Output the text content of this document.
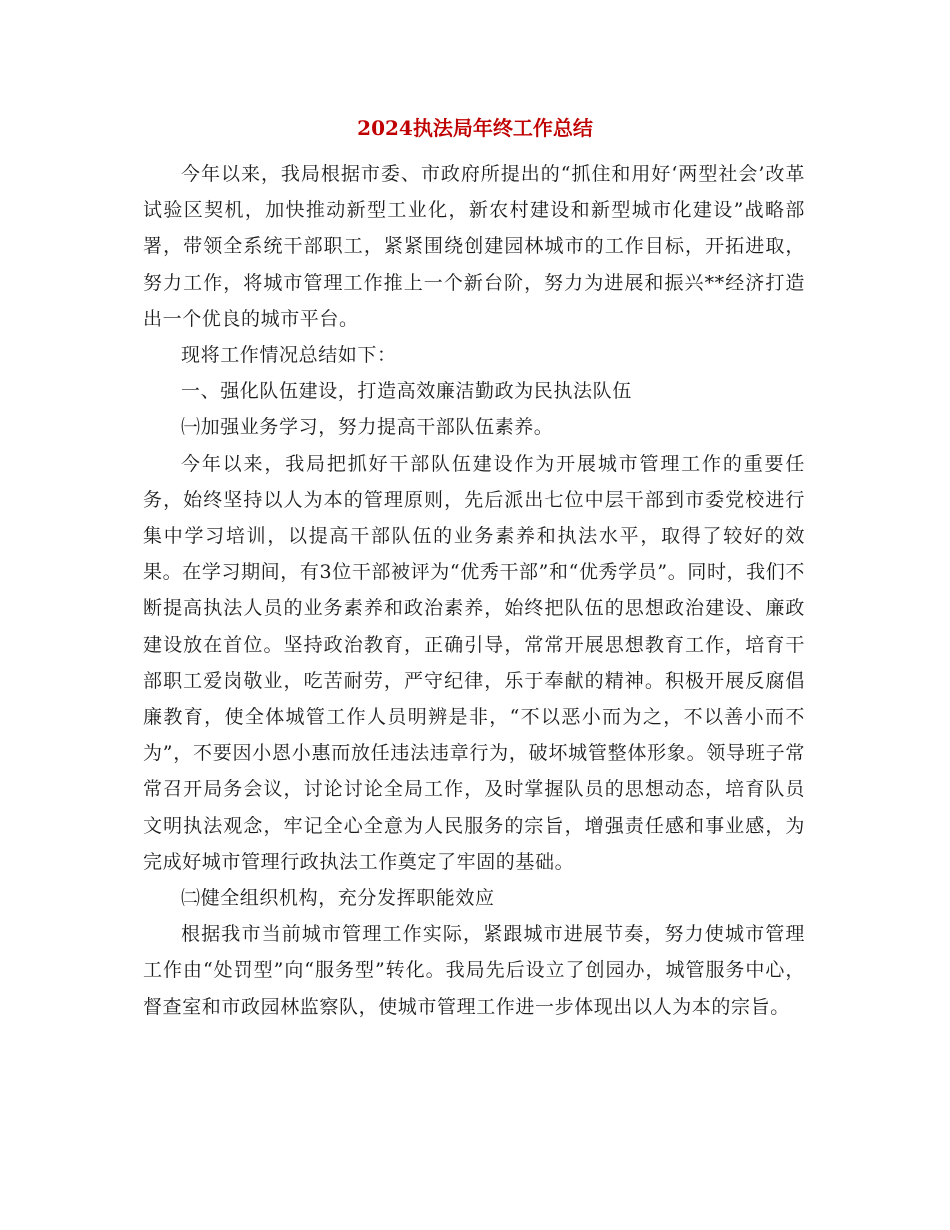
2024执法局年终工作总结

今年以来，我局根据市委、市政府所提出的“抓住和用好‘两型社会’改革试验区契机，加快推动新型工业化，新农村建设和新型城市化建设”战略部署，带领全系统干部职工，紧紧围绕创建园林城市的工作目标，开拓进取，努力工作，将城市管理工作推上一个新台阶，努力为进展和振兴**经济打造出一个优良的城市平台。

现将工作情况总结如下：

一、强化队伍建设，打造高效廉洁勤政为民执法队伍

㈠加强业务学习，努力提高干部队伍素养。

今年以来，我局把抓好干部队伍建设作为开展城市管理工作的重要任务，始终坚持以人为本的管理原则，先后派出七位中层干部到市委党校进行集中学习培训，以提高干部队伍的业务素养和执法水平，取得了较好的效果。在学习期间，有3位干部被评为“优秀干部”和“优秀学员”。同时，我们不断提高执法人员的业务素养和政治素养，始终把队伍的思想政治建设、廉政建设放在首位。坚持政治教育，正确引导，常常开展思想教育工作，培育干部职工爱岗敬业，吃苦耐劳，严守纪律，乐于奉献的精神。积极开展反腐倡廉教育，使全体城管工作人员明辨是非，“不以恶小而为之，不以善小而不为”，不要因小恩小惠而放任违法违章行为，破坏城管整体形象。领导班子常常召开局务会议，讨论讨论全局工作，及时掌握队员的思想动态，培育队员文明执法观念，牢记全心全意为人民服务的宗旨，增强责任感和事业感，为完成好城市管理行政执法工作奠定了牢固的基础。

㈡健全组织机构，充分发挥职能效应

根据我市当前城市管理工作实际，紧跟城市进展节奏，努力使城市管理工作由“处罚型”向“服务型”转化。我局先后设立了创园办，城管服务中心，督查室和市政园林监察队，使城市管理工作进一步体现出以人为本的宗旨。
